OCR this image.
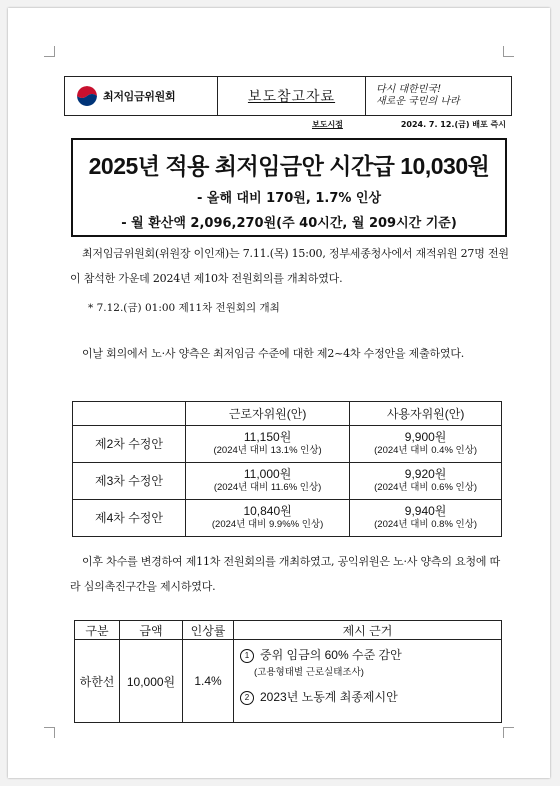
최저임금위원회	보도참고자료	다시 대한민국!
새로운 국민의 나라
보도시점	2024. 7. 12.(금) 배포 즉시
2025년 적용 최저임금안 시간급 10,030원
- 올해 대비 170원, 1.7% 인상
- 월 환산액 2,096,270원(주 40시간, 월 209시간 기준)

최저임금위원회(위원장 이인재)는 7.11.(목) 15:00, 정부세종청사에서 재적위원 27명 전원이 참석한 가운데 2024년 제10차 전원회의를 개최하였다.

* 7.12.(금) 01:00 제11차 전원회의 개최

이날 회의에서 노·사 양측은 최저임금 수준에 대한 제2~4차 수정안을 제출하였다.

	근로자위원(안)	사용자위원(안)
제2차 수정안	11,150원
(2024년 대비 13.1% 인상)	9,900원
(2024년 대비 0.4% 인상)

제3차 수정안	11,000원
(2024년 대비 11.6% 인상)	9,920원
(2024년 대비 0.6% 인상)

제4차 수정안	10,840원
(2024년 대비 9.9%% 인상)	9,940원
(2024년 대비 0.8% 인상)

이후 차수를 변경하여 제11차 전원회의를 개최하였고, 공익위원은 노·사 양측의 요청에 따라 심의촉진구간을 제시하였다.

구분	금액	인상률	제시 근거
하한선	10,000원	1.4%	1 중위 임금의 60% 수준 감안
(고용형태별 근로실태조사)
2 2023년 노동계 최종제시안
